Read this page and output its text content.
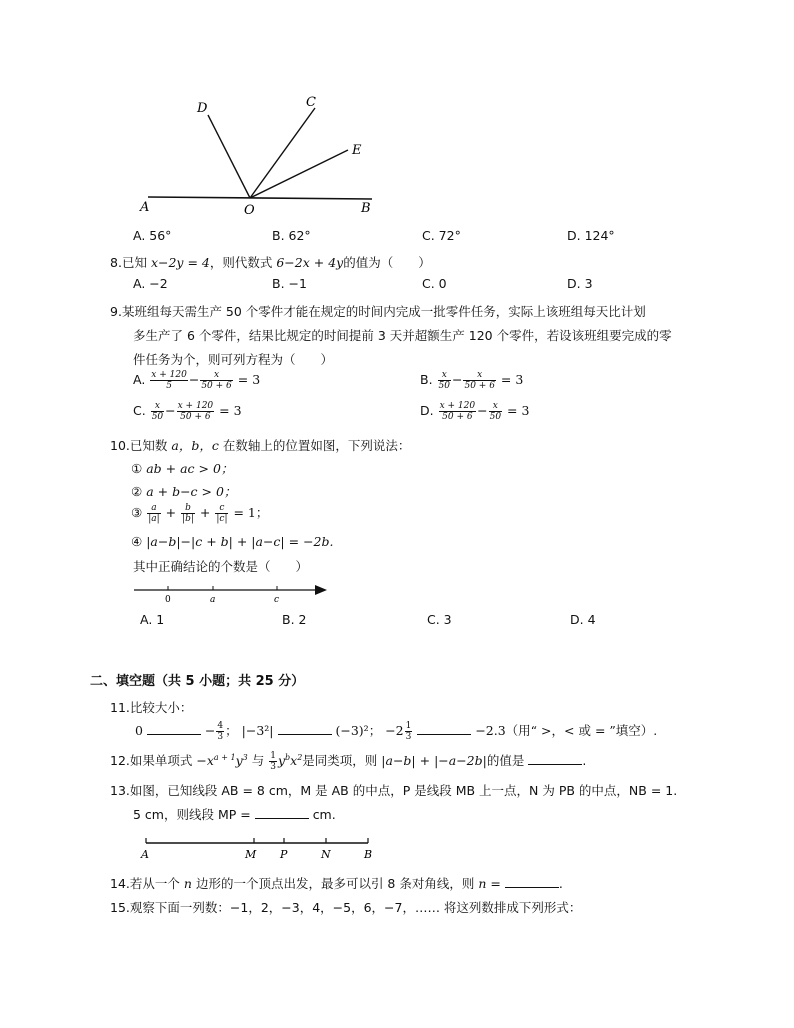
D	C
E
A	O	B
A. 56°	B. 62°	C. 72°	D. 124°
8.已知 x−2y = 4，则代数式 6−2x + 4y的值为（　　）
A. −2	B. −1	C. 0	D. 3
9.某班组每天需生产 50 个零件才能在规定的时间内完成一批零件任务，实际上该班组每天比计划
多生产了 6 个零件，结果比规定的时间提前 3 天并超额生产 120 个零件，若设该班组要完成的零
件任务为个，则可列方程为（　　）
A. $\frac{x + 120}{5} - \frac{x}{50 + 6} = 3$	B. $\frac{x}{50} - \frac{x}{50 + 6} = 3$
C. $\frac{x}{50} - \frac{x + 120}{50 + 6} = 3$	D. $\frac{x + 120}{50 + 6} - \frac{x}{50} = 3$
10.已知数 a，b，c 在数轴上的位置如图，下列说法：
① ab + ac > 0；
② a + b−c > 0；
③ $\frac{a}{|a|} + \frac{b}{|b|} + \frac{c}{|c|} = 1$；
④ |a−b|−|c + b| + |a−c| = −2b.
其中正确结论的个数是（　　）
0	a	c
A. 1	B. 2	C. 3	D. 4
二、填空题（共 5 小题；共 25 分）
11.比较大小：
0	− $\frac{4}{3}$ ； |−3²|	(−3)²； $-2 \frac{1}{3}$	−2.3（用“ >，< 或 = ”填空）.
12.如果单项式 $-x^{a + 1}y^3$ 与 $\frac{1}{3} y^bx^2$是同类项，则 |a−b| + |−a−2b|的值是	.
13.如图，已知线段 AB = 8 cm，M 是 AB 的中点，P 是线段 MB 上一点，N 为 PB 的中点，NB = 1.
5 cm，则线段 MP =	cm.
A	M P	N	B
14.若从一个 n 边形的一个顶点出发，最多可以引 8 条对角线，则 n =	.
15.观察下面一列数：−1，2，−3，4，−5，6，−7，…… 将这列数排成下列形式：
